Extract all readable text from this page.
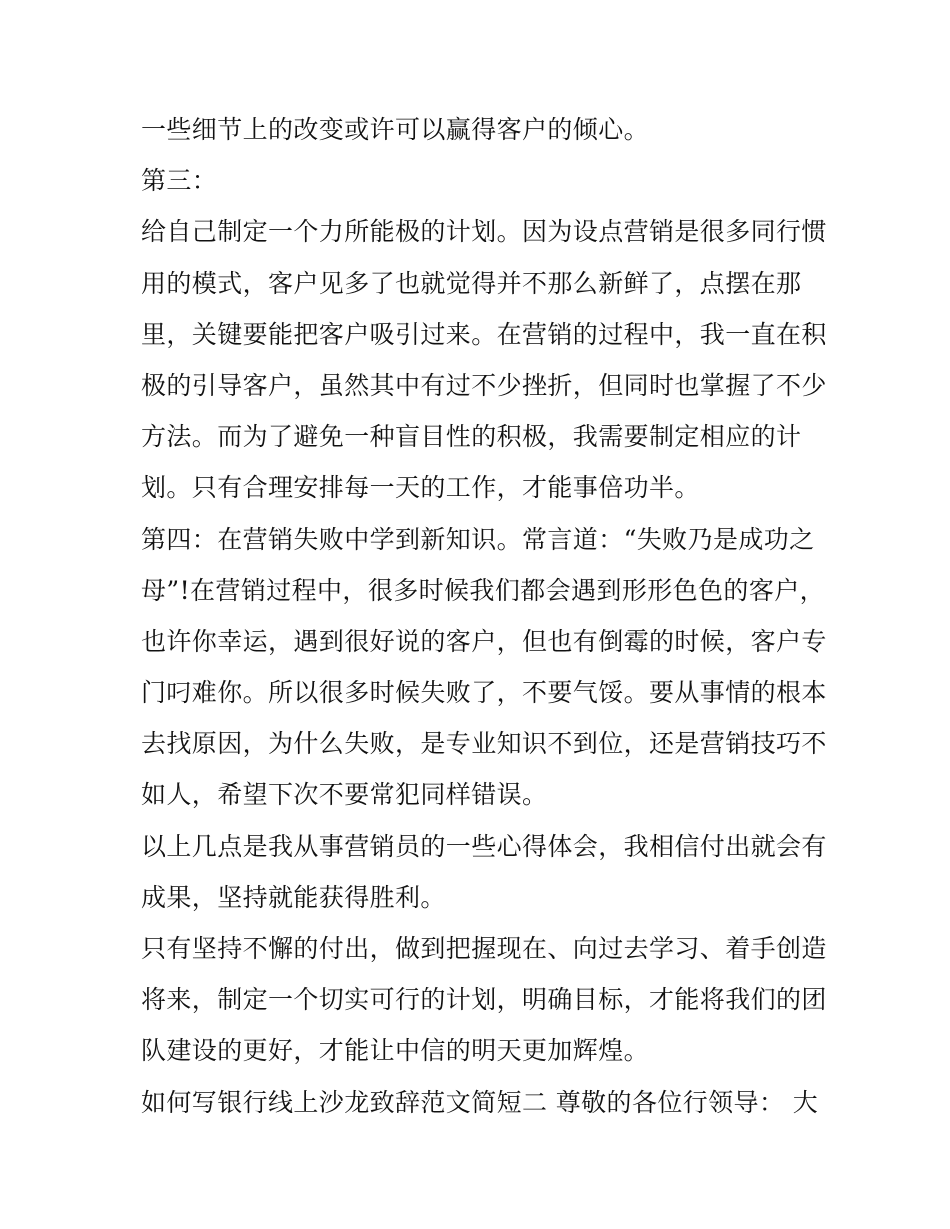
一些细节上的改变或许可以赢得客户的倾心。
第三：
给自己制定一个力所能极的计划。因为设点营销是很多同行惯
用的模式，客户见多了也就觉得并不那么新鲜了，点摆在那
里，关键要能把客户吸引过来。在营销的过程中，我一直在积
极的引导客户，虽然其中有过不少挫折，但同时也掌握了不少
方法。而为了避免一种盲目性的积极，我需要制定相应的计
划。只有合理安排每一天的工作，才能事倍功半。
第四：在营销失败中学到新知识。常言道：“失败乃是成功之
母”!在营销过程中，很多时候我们都会遇到形形色色的客户，
也许你幸运，遇到很好说的客户，但也有倒霉的时候，客户专
门叼难你。所以很多时候失败了，不要气馁。要从事情的根本
去找原因，为什么失败，是专业知识不到位，还是营销技巧不
如人，希望下次不要常犯同样错误。
以上几点是我从事营销员的一些心得体会，我相信付出就会有
成果，坚持就能获得胜利。
只有坚持不懈的付出，做到把握现在、向过去学习、着手创造
将来，制定一个切实可行的计划，明确目标，才能将我们的团
队建设的更好，才能让中信的明天更加辉煌。
如何写银行线上沙龙致辞范文简短二 尊敬的各位行领导： 大
